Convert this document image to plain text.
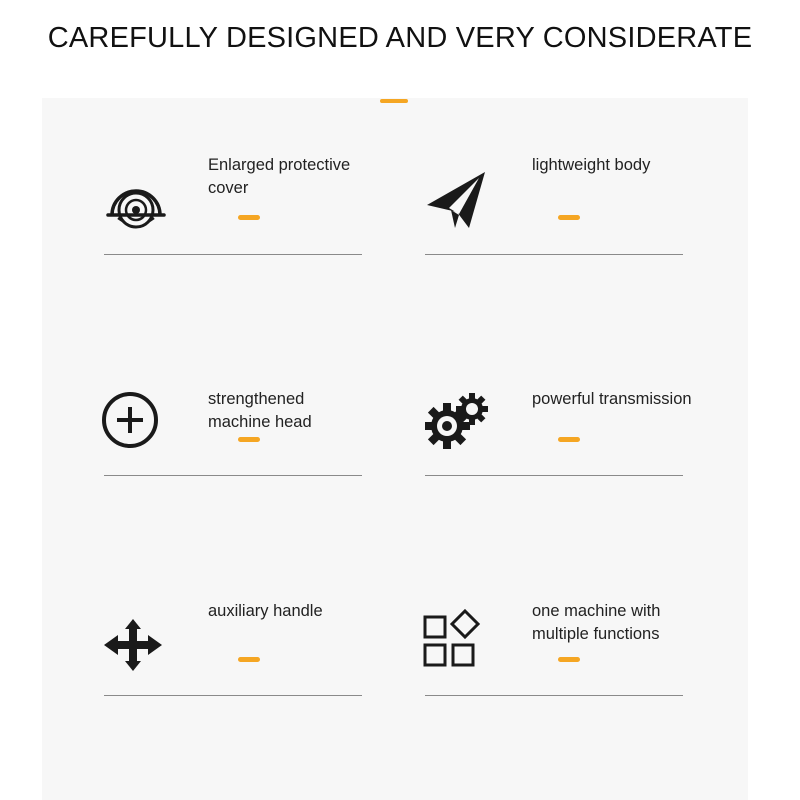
CAREFULLY DESIGNED AND VERY CONSIDERATE
Enlarged protective cover
lightweight body
strengthened machine head
powerful transmission
auxiliary handle	one machine with multiple functions
